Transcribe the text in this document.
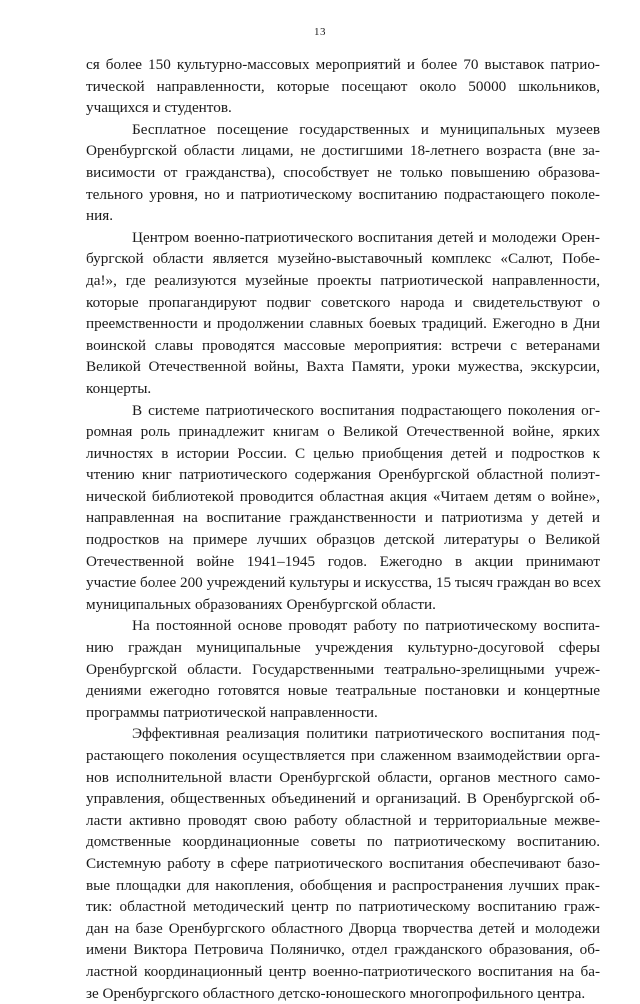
13
ся более 150 культурно-массовых мероприятий и более 70 выставок патрио-
тической направленности, которые посещают около 50000 школьников,
учащихся и студентов.
Бесплатное посещение государственных и муниципальных музеев
Оренбургской области лицами, не достигшими 18-летнего возраста (вне за-
висимости от гражданства), способствует не только повышению образова-
тельного уровня, но и патриотическому воспитанию подрастающего поколе-
ния.
Центром военно-патриотического воспитания детей и молодежи Орен-
бургской области является музейно-выставочный комплекс «Салют, Побе-
да!», где реализуются музейные проекты патриотической направленности,
которые пропагандируют подвиг советского народа и свидетельствуют о
преемственности и продолжении славных боевых традиций. Ежегодно в Дни
воинской славы проводятся массовые мероприятия: встречи с ветеранами
Великой Отечественной войны, Вахта Памяти, уроки мужества, экскурсии,
концерты.
В системе патриотического воспитания подрастающего поколения ог-
ромная роль принадлежит книгам о Великой Отечественной войне, ярких
личностях в истории России. С целью приобщения детей и подростков к
чтению книг патриотического содержания Оренбургской областной полиэт-
нической библиотекой проводится областная акция «Читаем детям о войне»,
направленная на воспитание гражданственности и патриотизма у детей и
подростков на примере лучших образцов детской литературы о Великой
Отечественной войне 1941–1945 годов. Ежегодно в акции принимают
участие более 200 учреждений культуры и искусства, 15 тысяч граждан во всех
муниципальных образованиях Оренбургской области.
На постоянной основе проводят работу по патриотическому воспита-
нию граждан муниципальные учреждения культурно-досуговой сферы
Оренбургской области. Государственными театрально-зрелищными учреж-
дениями ежегодно готовятся новые театральные постановки и концертные
программы патриотической направленности.
Эффективная реализация политики патриотического воспитания под-
растающего поколения осуществляется при слаженном взаимодействии орга-
нов исполнительной власти Оренбургской области, органов местного само-
управления, общественных объединений и организаций. В Оренбургской об-
ласти активно проводят свою работу областной и территориальные межве-
домственные координационные советы по патриотическому воспитанию.
Системную работу в сфере патриотического воспитания обеспечивают базо-
вые площадки для накопления, обобщения и распространения лучших прак-
тик: областной методический центр по патриотическому воспитанию граж-
дан на базе Оренбургского областного Дворца творчества детей и молодежи
имени Виктора Петровича Поляничко, отдел гражданского образования, об-
ластной координационный центр военно-патриотического воспитания на ба-
зе Оренбургского областного детско-юношеского многопрофильного центра.
